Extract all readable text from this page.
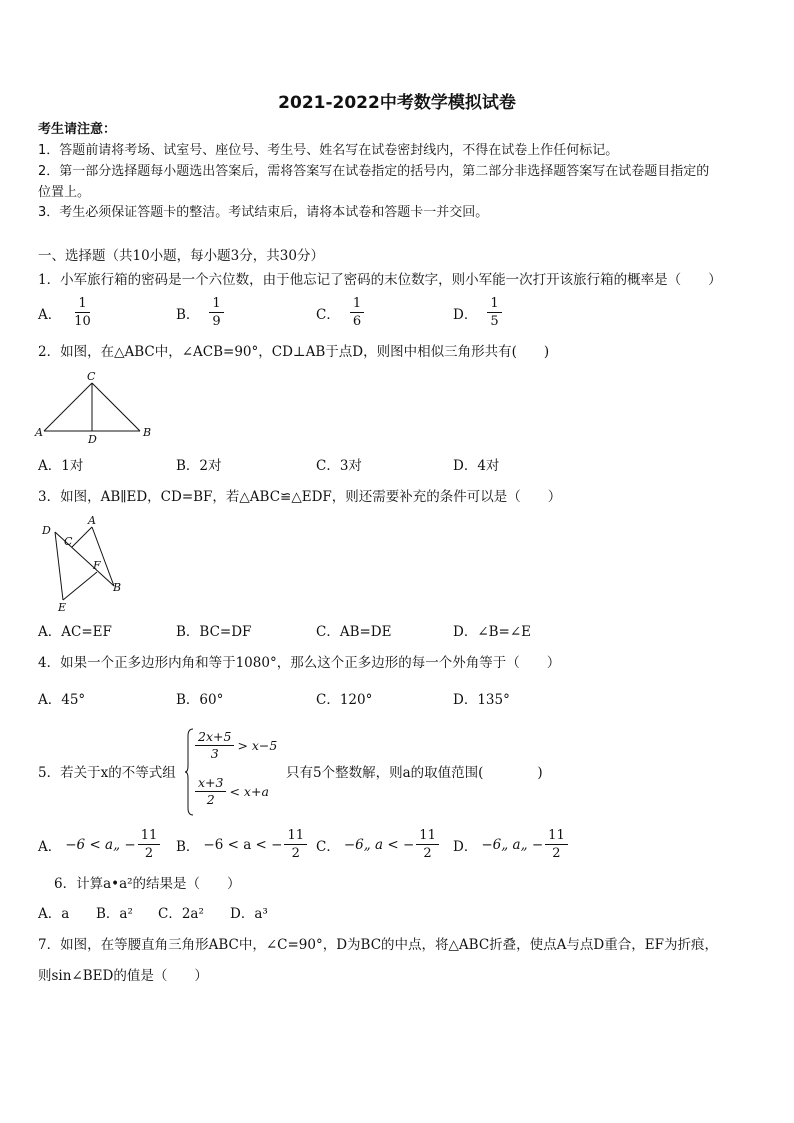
2021-2022中考数学模拟试卷
考生请注意：
1．答题前请将考场、试室号、座位号、考生号、姓名写在试卷密封线内，不得在试卷上作任何标记。
2．第一部分选择题每小题选出答案后，需将答案写在试卷指定的括号内，第二部分非选择题答案写在试卷题目指定的
位置上。
3．考生必须保证答题卡的整洁。考试结束后，请将本试卷和答题卡一并交回。
一、选择题（共10小题，每小题3分，共30分）
1．小军旅行箱的密码是一个六位数，由于他忘记了密码的末位数字，则小军能一次打开该旅行箱的概率是（　　）
A． $\frac{1}{10}$	B． $\frac{1}{9}$	C． $\frac{1}{6}$	D． $\frac{1}{5}$
2．如图，在△ABC中，∠ACB=90°，CD⊥AB于点D，则图中相似三角形共有(　　)
A	B
C
D
A．1对	B．2对	C．3对	D．4对
3．如图，AB∥ED，CD=BF，若△ABC≌△EDF，则还需要补充的条件可以是（　　）
D
A
C
F
B
E
A．AC=EF	B．BC=DF	C．AB=DE	D．∠B=∠E
4．如果一个正多边形内角和等于1080°，那么这个正多边形的每一个外角等于（　　）
A．45°	B．60°	C．120°	D．135°
5．若关于x的不等式组
$\frac{2x+5}{3} > x-5$
$\frac{x+3}{2} < x+a$
只有5个整数解，则a的取值范围(　　　　)
A． −6 < a„ − $\frac{11}{2}$ B． −6 < a < − $\frac{11}{2}$ C． −6„ a < − $\frac{11}{2}$ D． −6„ a„ − $\frac{11}{2}$
6．计算a•a²的结果是（　　）
A．a B．a² C．2a² D．a³
7．如图，在等腰直角三角形ABC中，∠C=90°，D为BC的中点，将△ABC折叠，使点A与点D重合，EF为折痕，
则sin∠BED的值是（　　）
